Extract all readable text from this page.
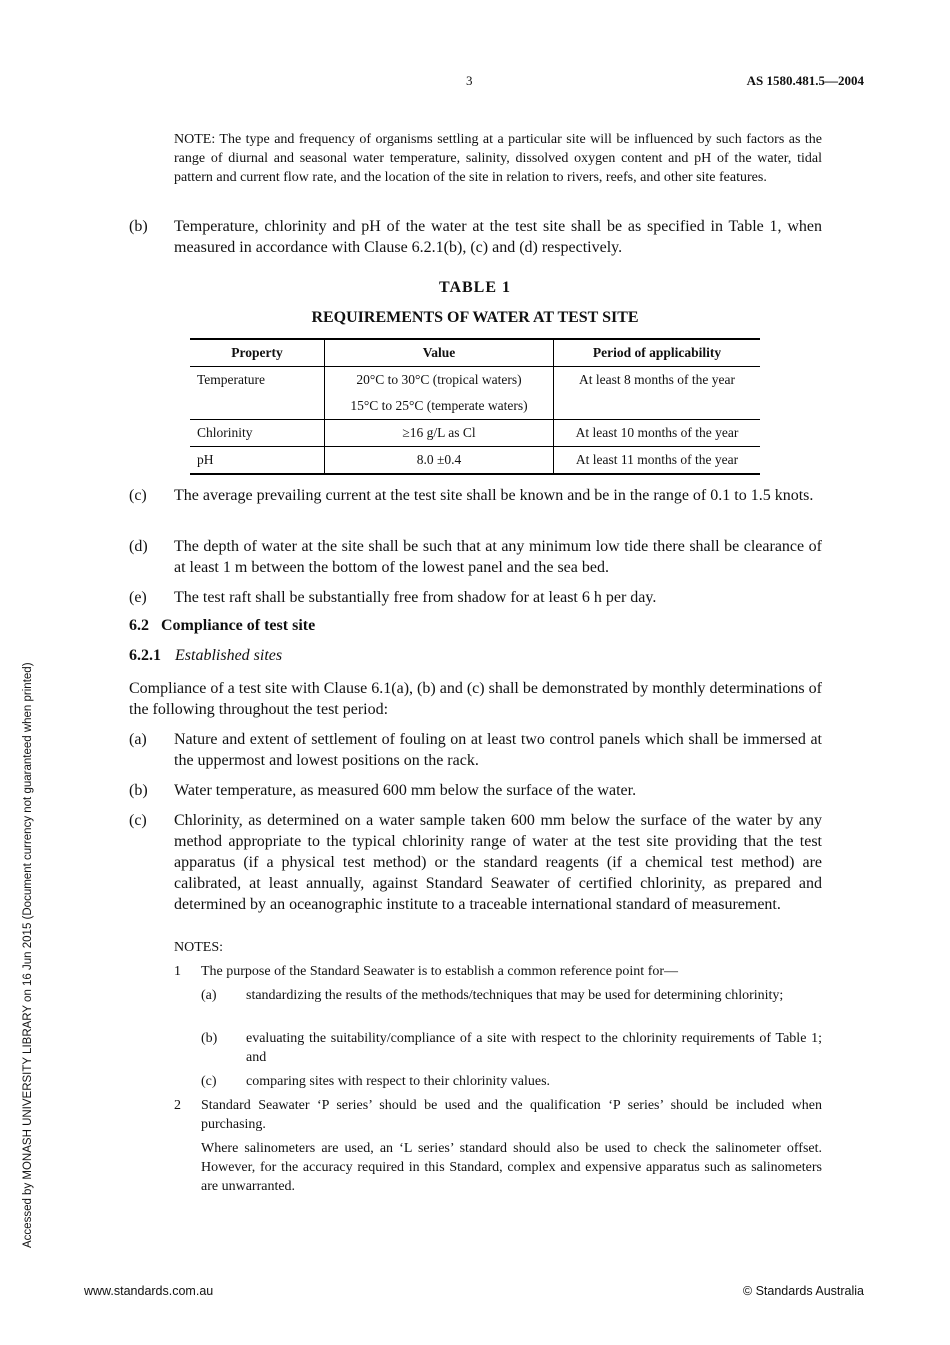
3	AS 1580.481.5—2004
Accessed by MONASH UNIVERSITY LIBRARY on 16 Jun 2015 (Document currency not guaranteed when printed)
NOTE: The type and frequency of organisms settling at a particular site will be influenced by such factors as the range of diurnal and seasonal water temperature, salinity, dissolved oxygen content and pH of the water, tidal pattern and current flow rate, and the location of the site in relation to rivers, reefs, and other site features.
(b) Temperature, chlorinity and pH of the water at the test site shall be as specified in Table 1, when measured in accordance with Clause 6.2.1(b), (c) and (d) respectively.
TABLE 1
REQUIREMENTS OF WATER AT TEST SITE
Property	Value	Period of applicability
Temperature	20°C to 30°C (tropical waters)	At least 8 months of the year
	15°C to 25°C (temperate waters)	
Chlorinity	≥16 g/L as Cl	At least 10 months of the year
pH	8.0 ±0.4	At least 11 months of the year
(c) The average prevailing current at the test site shall be known and be in the range of 0.1 to 1.5 knots.
(d) The depth of water at the site shall be such that at any minimum low tide there shall be clearance of at least 1 m between the bottom of the lowest panel and the sea bed.
(e) The test raft shall be substantially free from shadow for at least 6 h per day.
6.2 Compliance of test site
6.2.1 Established sites
Compliance of a test site with Clause 6.1(a), (b) and (c) shall be demonstrated by monthly determinations of the following throughout the test period:
(a) Nature and extent of settlement of fouling on at least two control panels which shall be immersed at the uppermost and lowest positions on the rack.
(b) Water temperature, as measured 600 mm below the surface of the water.
(c) Chlorinity, as determined on a water sample taken 600 mm below the surface of the water by any method appropriate to the typical chlorinity range of water at the test site providing that the test apparatus (if a physical test method) or the standard reagents (if a chemical test method) are calibrated, at least annually, against Standard Seawater of certified chlorinity, as prepared and determined by an oceanographic institute to a traceable international standard of measurement.
NOTES:
1 The purpose of the Standard Seawater is to establish a common reference point for—
(a) standardizing the results of the methods/techniques that may be used for determining chlorinity;
(b) evaluating the suitability/compliance of a site with respect to the chlorinity requirements of Table 1; and
(c) comparing sites with respect to their chlorinity values.
2 Standard Seawater ‘P series’ should be used and the qualification ‘P series’ should be included when purchasing.
Where salinometers are used, an ‘L series’ standard should also be used to check the salinometer offset. However, for the accuracy required in this Standard, complex and expensive apparatus such as salinometers are unwarranted.
www.standards.com.au	© Standards Australia
